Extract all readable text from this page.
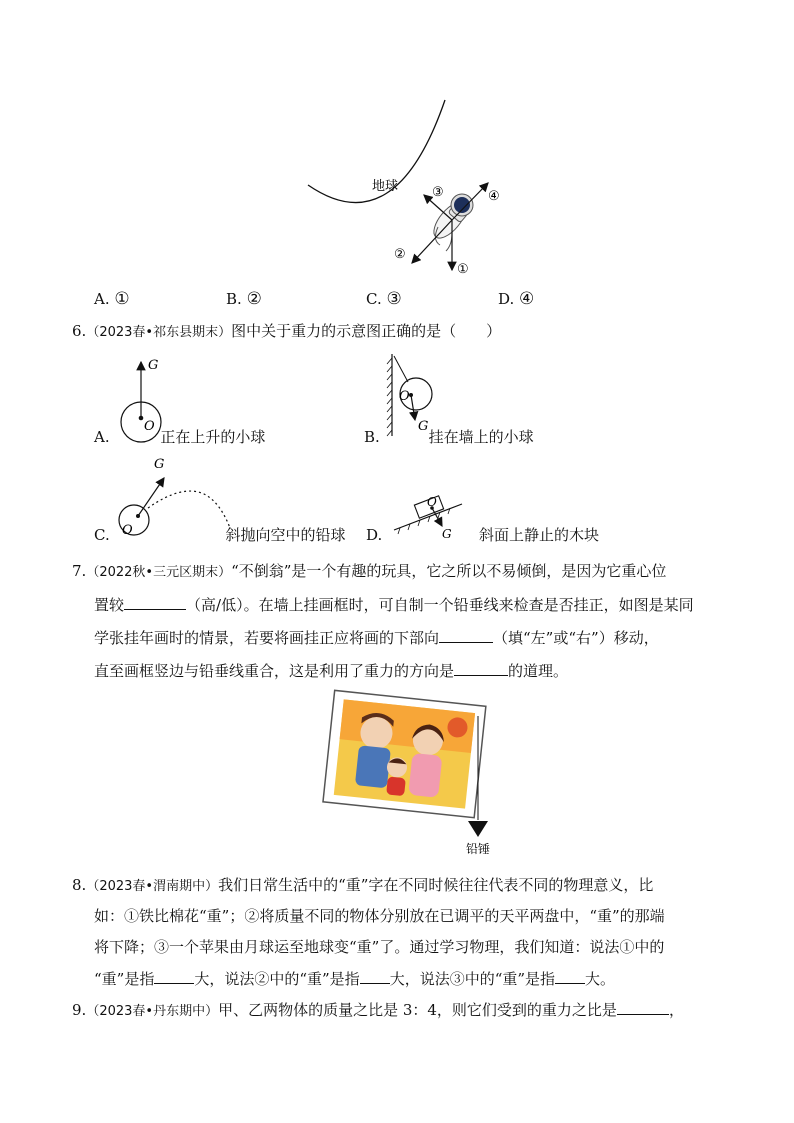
地球
①
②
③	④
A. ①	B. ②	C. ③	D. ④
6.（2023春•祁东县期末）图中关于重力的示意图正确的是（　　）
G
O
A.	正在上升的小球
O
G
B.	挂在墙上的小球
G
O
C.	斜抛向空中的铅球
O
G
D.	斜面上静止的木块
7.（2022秋•三元区期末）“不倒翁”是一个有趣的玩具，它之所以不易倾倒，是因为它重心位
置较	（高/低）。在墙上挂画框时，可自制一个铅垂线来检查是否挂正，如图是某同
学张挂年画时的情景，若要将画挂正应将画的下部向	（填“左”或“右”）移动，
直至画框竖边与铅垂线重合，这是利用了重力的方向是	的道理。
铅锤
8.（2023春•渭南期中）我们日常生活中的“重”字在不同时候往往代表不同的物理意义，比
如：①铁比棉花“重”；②将质量不同的物体分别放在已调平的天平两盘中，“重”的那端
将下降；③一个苹果由月球运至地球变“重”了。通过学习物理，我们知道：说法①中的
“重”是指	大，说法②中的“重”是指 大，说法③中的“重”是指 大。
9.（2023春•丹东期中）甲、乙两物体的质量之比是 3：4，则它们受到的重力之比是	，
